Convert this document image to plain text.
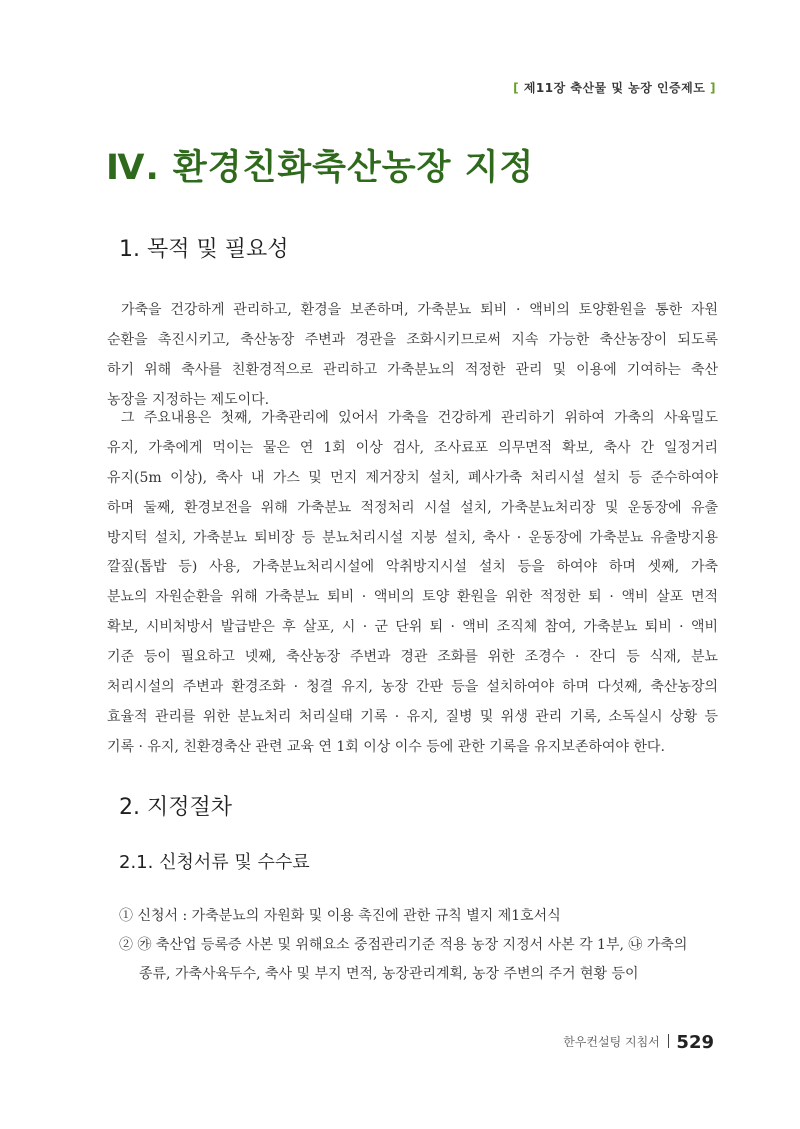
[ 제11장 축산물 및 농장 인증제도 ]
Ⅳ. 환경친화축산농장 지정
1. 목적 및 필요성
가축을 건강하게 관리하고, 환경을 보존하며, 가축분뇨 퇴비 · 액비의 토양환원을 통한 자원
순환을 촉진시키고, 축산농장 주변과 경관을 조화시키므로써 지속 가능한 축산농장이 되도록
하기 위해 축사를 친환경적으로 관리하고 가축분뇨의 적정한 관리 및 이용에 기여하는 축산
농장을 지정하는 제도이다.
그 주요내용은 첫째, 가축관리에 있어서 가축을 건강하게 관리하기 위하여 가축의 사육밀도
유지, 가축에게 먹이는 물은 연 1회 이상 검사, 조사료포 의무면적 확보, 축사 간 일정거리
유지(5m 이상), 축사 내 가스 및 먼지 제거장치 설치, 폐사가축 처리시설 설치 등 준수하여야
하며 둘째, 환경보전을 위해 가축분뇨 적정처리 시설 설치, 가축분뇨처리장 및 운동장에 유출
방지턱 설치, 가축분뇨 퇴비장 등 분뇨처리시설 지붕 설치, 축사 · 운동장에 가축분뇨 유출방지용
깔짚(톱밥 등) 사용, 가축분뇨처리시설에 악취방지시설 설치 등을 하여야 하며 셋째, 가축
분뇨의 자원순환을 위해 가축분뇨 퇴비 · 액비의 토양 환원을 위한 적정한 퇴 · 액비 살포 면적
확보, 시비처방서 발급받은 후 살포, 시 · 군 단위 퇴 · 액비 조직체 참여, 가축분뇨 퇴비 · 액비
기준 등이 필요하고 넷째, 축산농장 주변과 경관 조화를 위한 조경수 · 잔디 등 식재, 분뇨
처리시설의 주변과 환경조화 · 청결 유지, 농장 간판 등을 설치하여야 하며 다섯째, 축산농장의
효율적 관리를 위한 분뇨처리 처리실태 기록 · 유지, 질병 및 위생 관리 기록, 소독실시 상황 등
기록 · 유지, 친환경축산 관련 교육 연 1회 이상 이수 등에 관한 기록을 유지보존하여야 한다.
2. 지정절차
2.1. 신청서류 및 수수료
① 신청서 : 가축분뇨의 자원화 및 이용 촉진에 관한 규칙 별지 제1호서식
② ㉮ 축산업 등록증 사본 및 위해요소 중점관리기준 적용 농장 지정서 사본 각 1부, ㉯ 가축의
종류, 가축사육두수, 축사 및 부지 면적, 농장관리계획, 농장 주변의 주거 현황 등이
한우컨설팅 지침서 529
